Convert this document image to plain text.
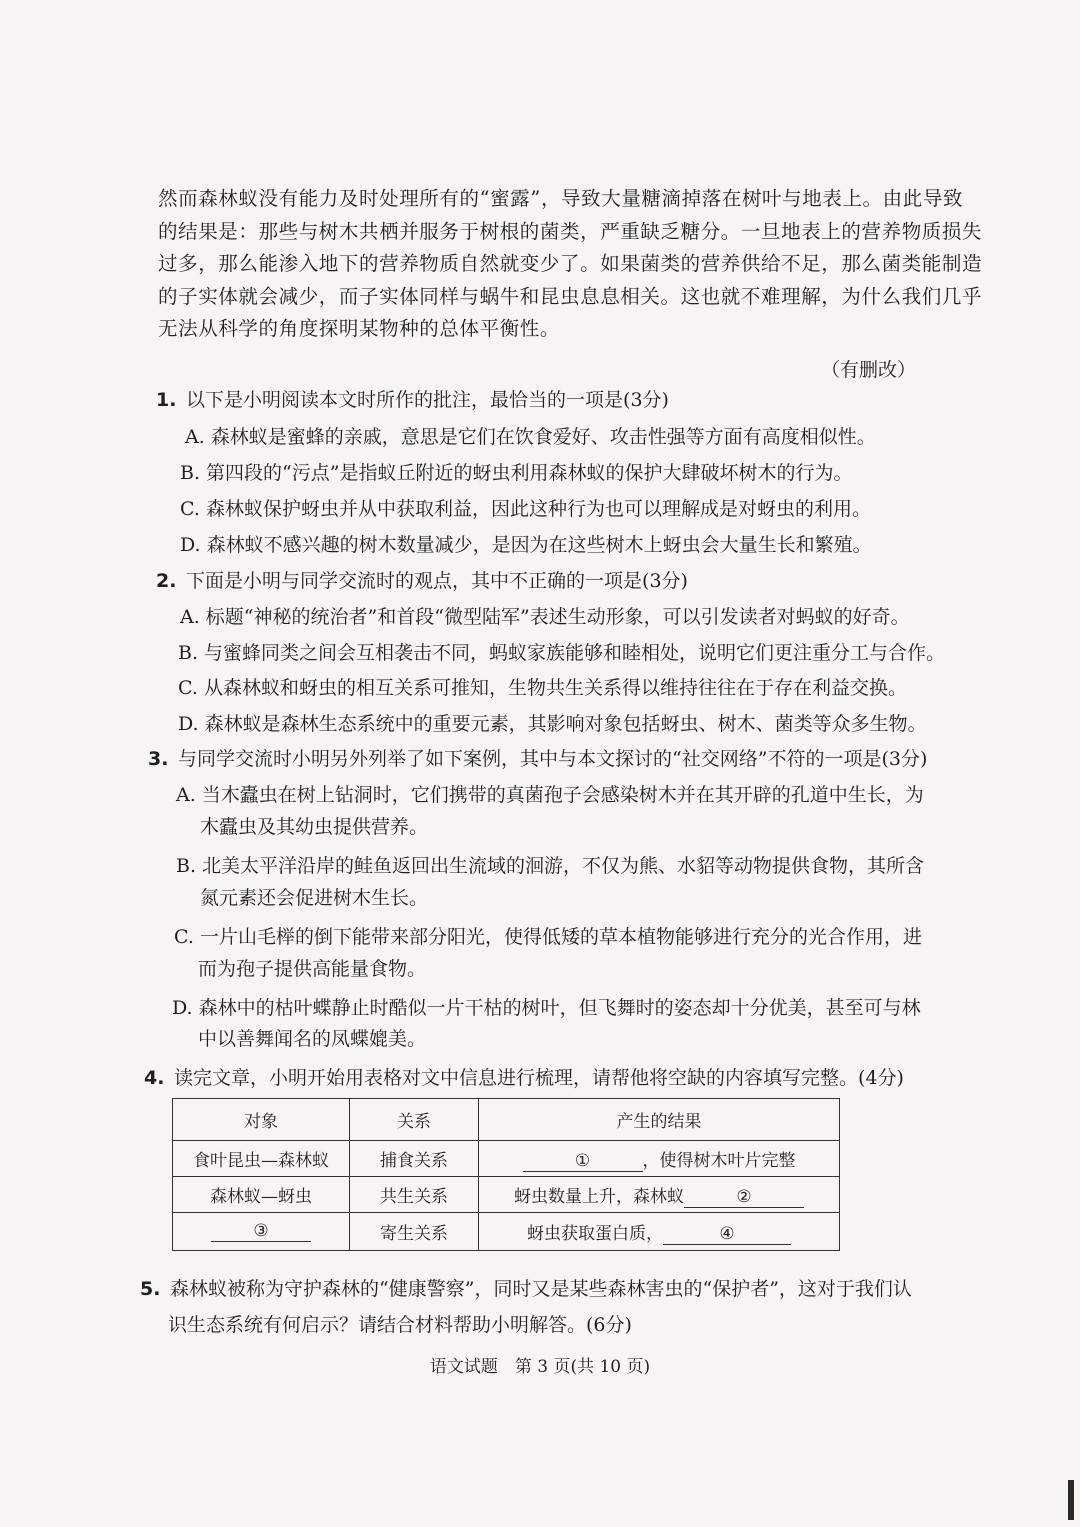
然而森林蚁没有能力及时处理所有的“蜜露”，导致大量糖滴掉落在树叶与地表上。由此导致
的结果是：那些与树木共栖并服务于树根的菌类，严重缺乏糖分。一旦地表上的营养物质损失
过多，那么能渗入地下的营养物质自然就变少了。如果菌类的营养供给不足，那么菌类能制造
的子实体就会减少，而子实体同样与蜗牛和昆虫息息相关。这也就不难理解，为什么我们几乎
无法从科学的角度探明某物种的总体平衡性。
（有删改）
1. 以下是小明阅读本文时所作的批注，最恰当的一项是(3分)
A. 森林蚁是蜜蜂的亲戚，意思是它们在饮食爱好、攻击性强等方面有高度相似性。
B. 第四段的“污点”是指蚁丘附近的蚜虫利用森林蚁的保护大肆破坏树木的行为。
C. 森林蚁保护蚜虫并从中获取利益，因此这种行为也可以理解成是对蚜虫的利用。
D. 森林蚁不感兴趣的树木数量减少，是因为在这些树木上蚜虫会大量生长和繁殖。
2. 下面是小明与同学交流时的观点，其中不正确的一项是(3分)
A. 标题“神秘的统治者”和首段“微型陆军”表述生动形象，可以引发读者对蚂蚁的好奇。
B. 与蜜蜂同类之间会互相袭击不同，蚂蚁家族能够和睦相处，说明它们更注重分工与合作。
C. 从森林蚁和蚜虫的相互关系可推知，生物共生关系得以维持往往在于存在利益交换。
D. 森林蚁是森林生态系统中的重要元素，其影响对象包括蚜虫、树木、菌类等众多生物。
3. 与同学交流时小明另外列举了如下案例，其中与本文探讨的“社交网络”不符的一项是(3分)
A. 当木蠹虫在树上钻洞时，它们携带的真菌孢子会感染树木并在其开辟的孔道中生长，为
木蠹虫及其幼虫提供营养。
B. 北美太平洋沿岸的鲑鱼返回出生流域的洄游，不仅为熊、水貂等动物提供食物，其所含
氮元素还会促进树木生长。
C. 一片山毛榉的倒下能带来部分阳光，使得低矮的草本植物能够进行充分的光合作用，进
而为孢子提供高能量食物。
D. 森林中的枯叶蝶静止时酷似一片干枯的树叶，但飞舞时的姿态却十分优美，甚至可与林
中以善舞闻名的凤蝶媲美。
4. 读完文章，小明开始用表格对文中信息进行梳理，请帮他将空缺的内容填写完整。(4分)
对象	关系	产生的结果
食叶昆虫—森林蚁	捕食关系	① ，使得树木叶片完整
森林蚁—蚜虫	共生关系	蚜虫数量上升，森林蚁 ②
③	寄生关系	蚜虫获取蛋白质， ④
5. 森林蚁被称为守护森林的“健康警察”，同时又是某些森林害虫的“保护者”，这对于我们认
识生态系统有何启示？请结合材料帮助小明解答。(6分)
语文试题　第 3 页(共 10 页)
